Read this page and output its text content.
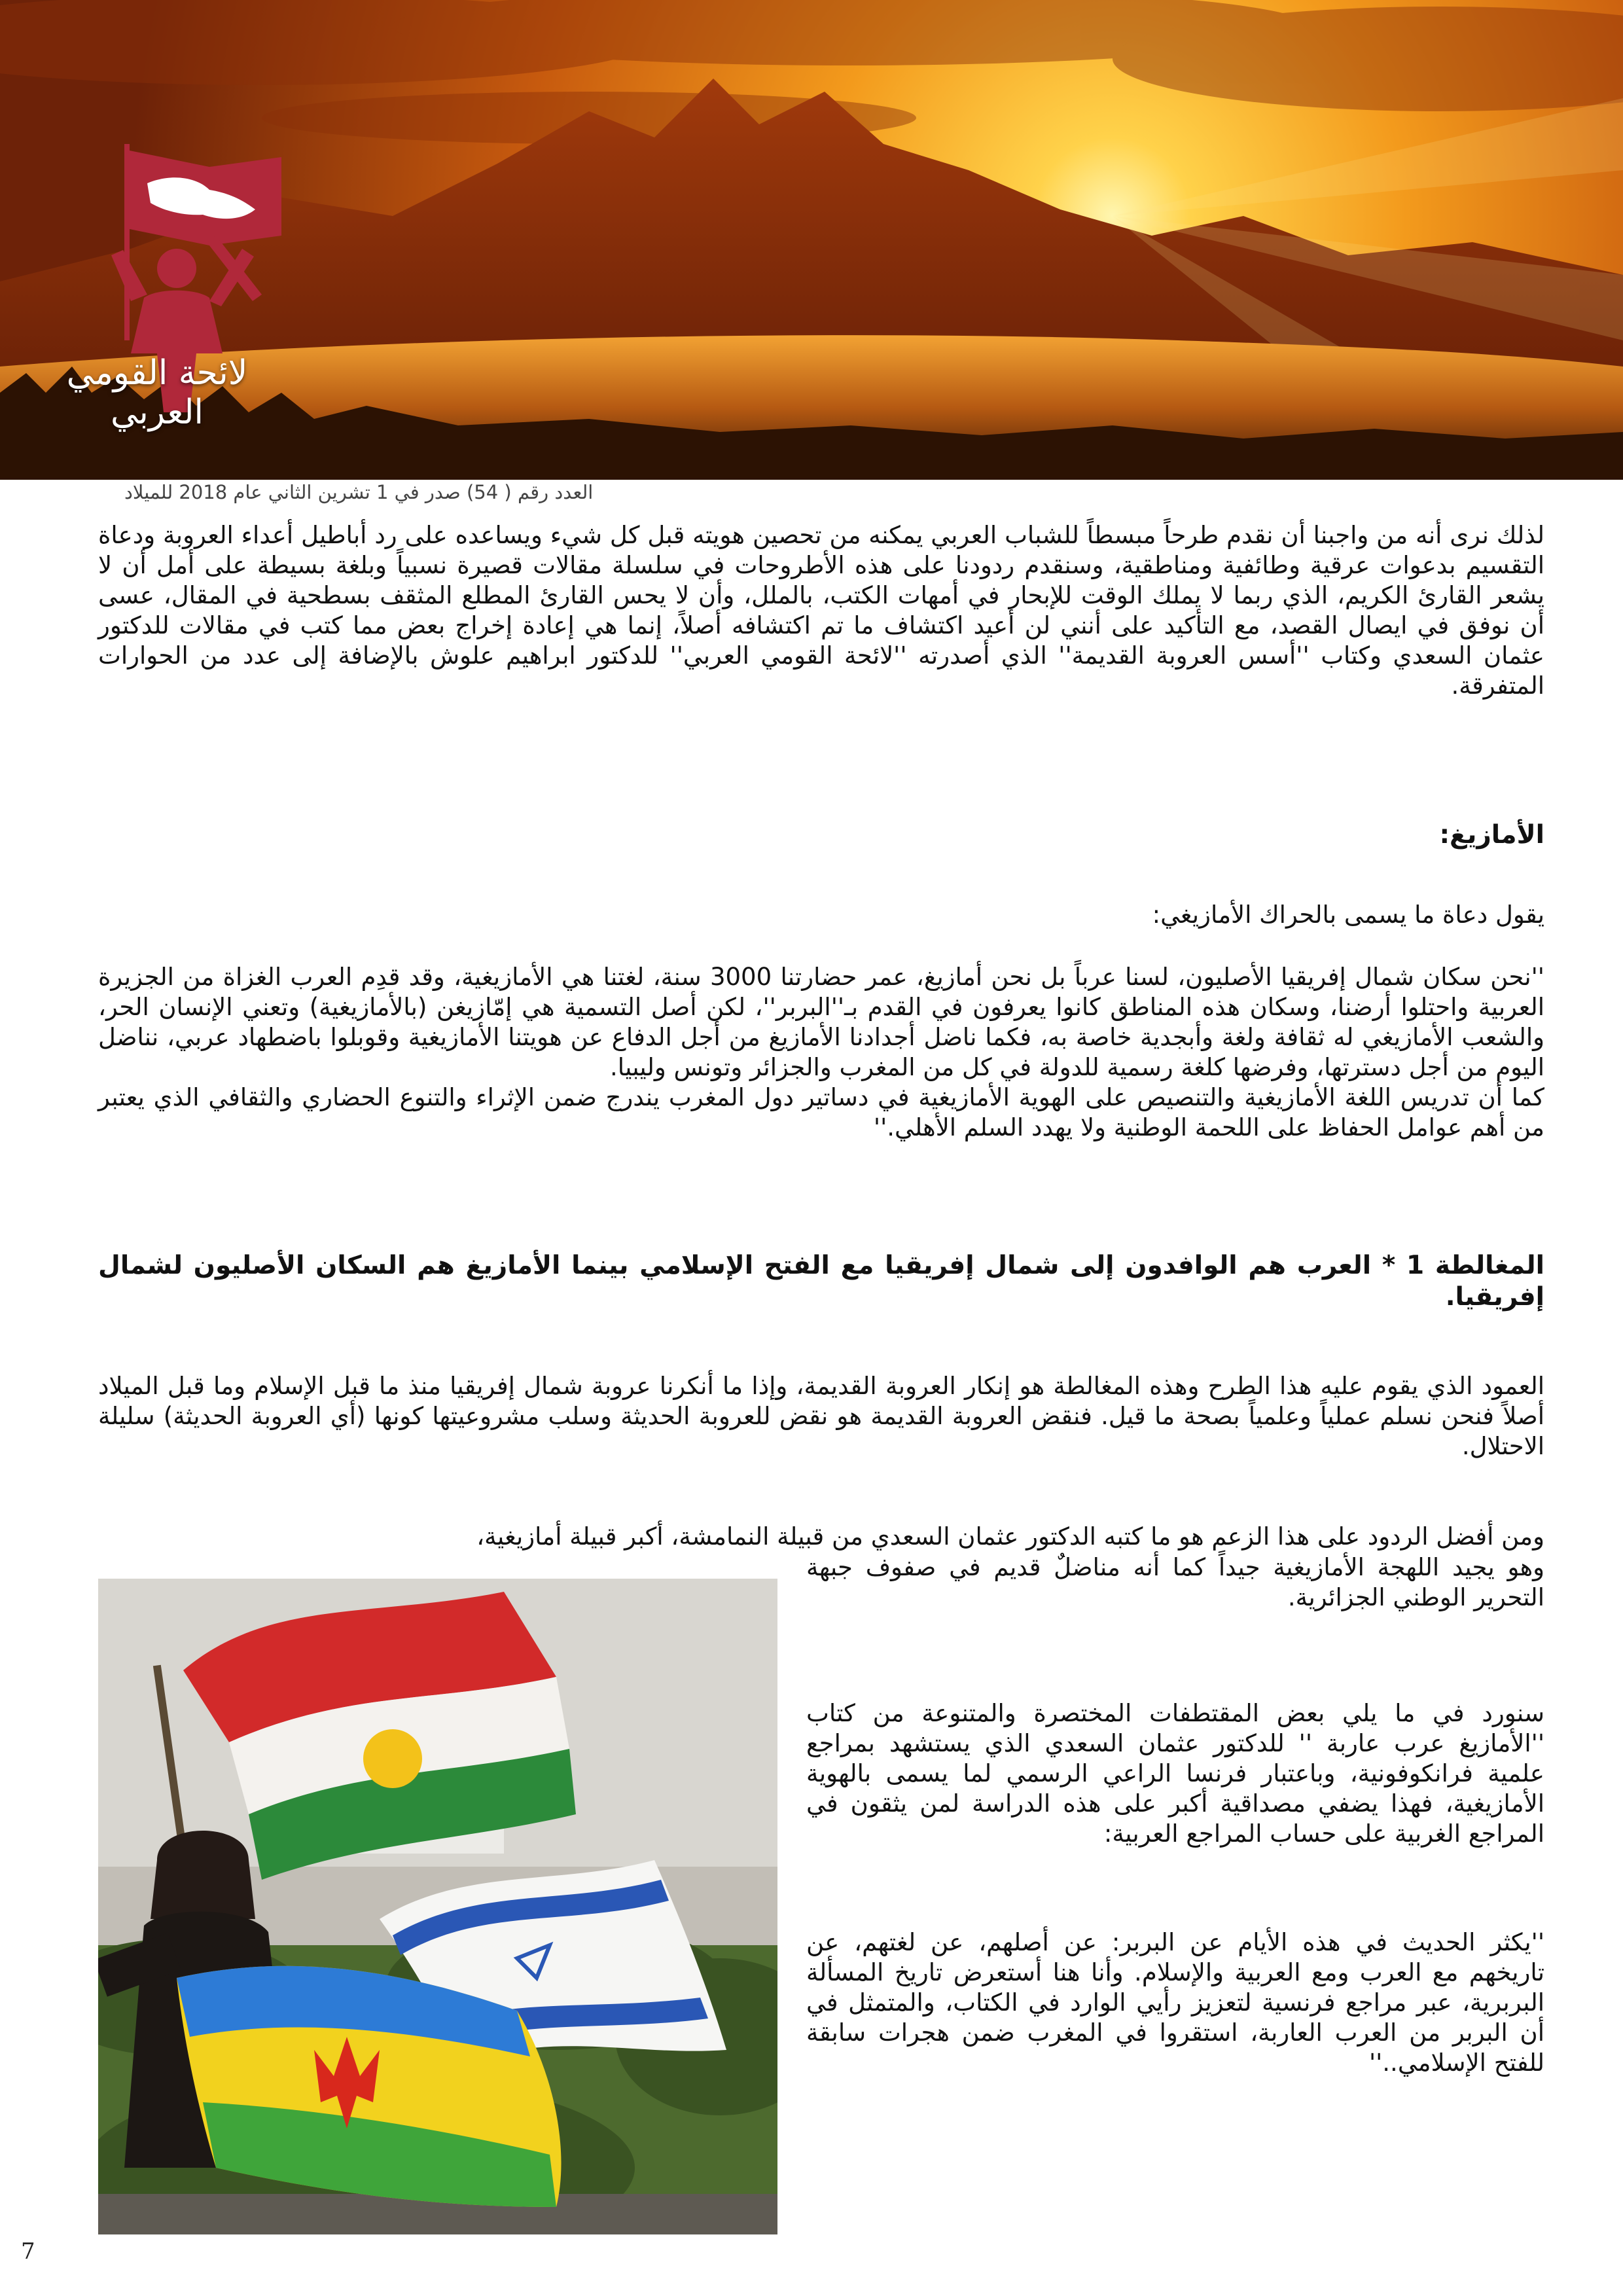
لائحة القومي العربي
العدد رقم ( 54) صدر في 1 تشرين الثاني عام 2018 للميلاد

لذلك نرى أنه من واجبنا أن نقدم طرحاً مبسطاً للشباب العربي يمكنه من تحصين هويته قبل كل شيء ويساعده على رد أباطيل أعداء العروبة ودعاة التقسيم بدعوات عرقية وطائفية ومناطقية، وسنقدم ردودنا على هذه الأطروحات في سلسلة مقالات قصيرة نسبياً وبلغة بسيطة على أمل أن لا يشعر القارئ الكريم، الذي ربما لا يملك الوقت للإبحار في أمهات الكتب، بالملل، وأن لا يحس القارئ المطلع المثقف بسطحية في المقال، عسى أن نوفق في ايصال القصد، مع التأكيد على أنني لن أعيد اكتشاف ما تم اكتشافه أصلاً، إنما هي إعادة إخراج بعض مما كتب في مقالات للدكتور عثمان السعدي وكتاب ''أسس العروبة القديمة'' الذي أصدرته ''لائحة القومي العربي'' للدكتور ابراهيم علوش بالإضافة إلى عدد من الحوارات المتفرقة.

الأمازيغ:

يقول دعاة ما يسمى بالحراك الأمازيغي:

''نحن سكان شمال إفريقيا الأصليون، لسنا عرباً بل نحن أمازيغ، عمر حضارتنا 3000 سنة، لغتنا هي الأمازيغية، وقد قدِم العرب الغزاة من الجزيرة العربية واحتلوا أرضنا، وسكان هذه المناطق كانوا يعرفون في القدم بـ''البربر''، لكن أصل التسمية هي إمّازيغن (بالأمازيغية) وتعني الإنسان الحر، والشعب الأمازيغي له ثقافة ولغة وأبجدية خاصة به، فكما ناضل أجدادنا الأمازيغ من أجل الدفاع عن هويتنا الأمازيغية وقوبلوا باضطهاد عربي، نناضل اليوم من أجل دسترتها، وفرضها كلغة رسمية للدولة في كل من المغرب والجزائر وتونس وليبيا.

كما أن تدريس اللغة الأمازيغية والتنصيص على الهوية الأمازيغية في دساتير دول المغرب يندرج ضمن الإثراء والتنوع الحضاري والثقافي الذي يعتبر من أهم عوامل الحفاظ على اللحمة الوطنية ولا يهدد السلم الأهلي.''

المغالطة 1 * العرب هم الوافدون إلى شمال إفريقيا مع الفتح الإسلامي بينما الأمازيغ هم السكان الأصليون لشمال إفريقيا.

العمود الذي يقوم عليه هذا الطرح وهذه المغالطة هو إنكار العروبة القديمة، وإذا ما أنكرنا عروبة شمال إفريقيا منذ ما قبل الإسلام وما قبل الميلاد أصلاً فنحن نسلم عملياً وعلمياً بصحة ما قيل. فنقض العروبة القديمة هو نقض للعروبة الحديثة وسلب مشروعيتها كونها (أي العروبة الحديثة) سليلة الاحتلال.

ومن أفضل الردود على هذا الزعم هو ما كتبه الدكتور عثمان السعدي من قبيلة النمامشة، أكبر قبيلة أمازيغية،

وهو يجيد اللهجة الأمازيغية جيداً كما أنه مناضلٌ قديم في صفوف جبهة التحرير الوطني الجزائرية.

سنورد في ما يلي بعض المقتطفات المختصرة والمتنوعة من كتاب ''الأمازيغ عرب عاربة '' للدكتور عثمان السعدي الذي يستشهد بمراجع علمية فرانكوفونية، وباعتبار فرنسا الراعي الرسمي لما يسمى بالهوية الأمازيغية، فهذا يضفي مصداقية أكبر على هذه الدراسة لمن يثقون في المراجع الغربية على حساب المراجع العربية:

''يكثر الحديث في هذه الأيام عن البربر: عن أصلهم، عن لغتهم، عن تاريخهم مع العرب ومع العربية والإسلام. وأنا هنا أستعرض تاريخ المسألة البربرية، عبر مراجع فرنسية لتعزيز رأيي الوارد في الكتاب، والمتمثل في أن البربر من العرب العاربة، استقروا في المغرب ضمن هجرات سابقة للفتح الإسلامي..''

7
